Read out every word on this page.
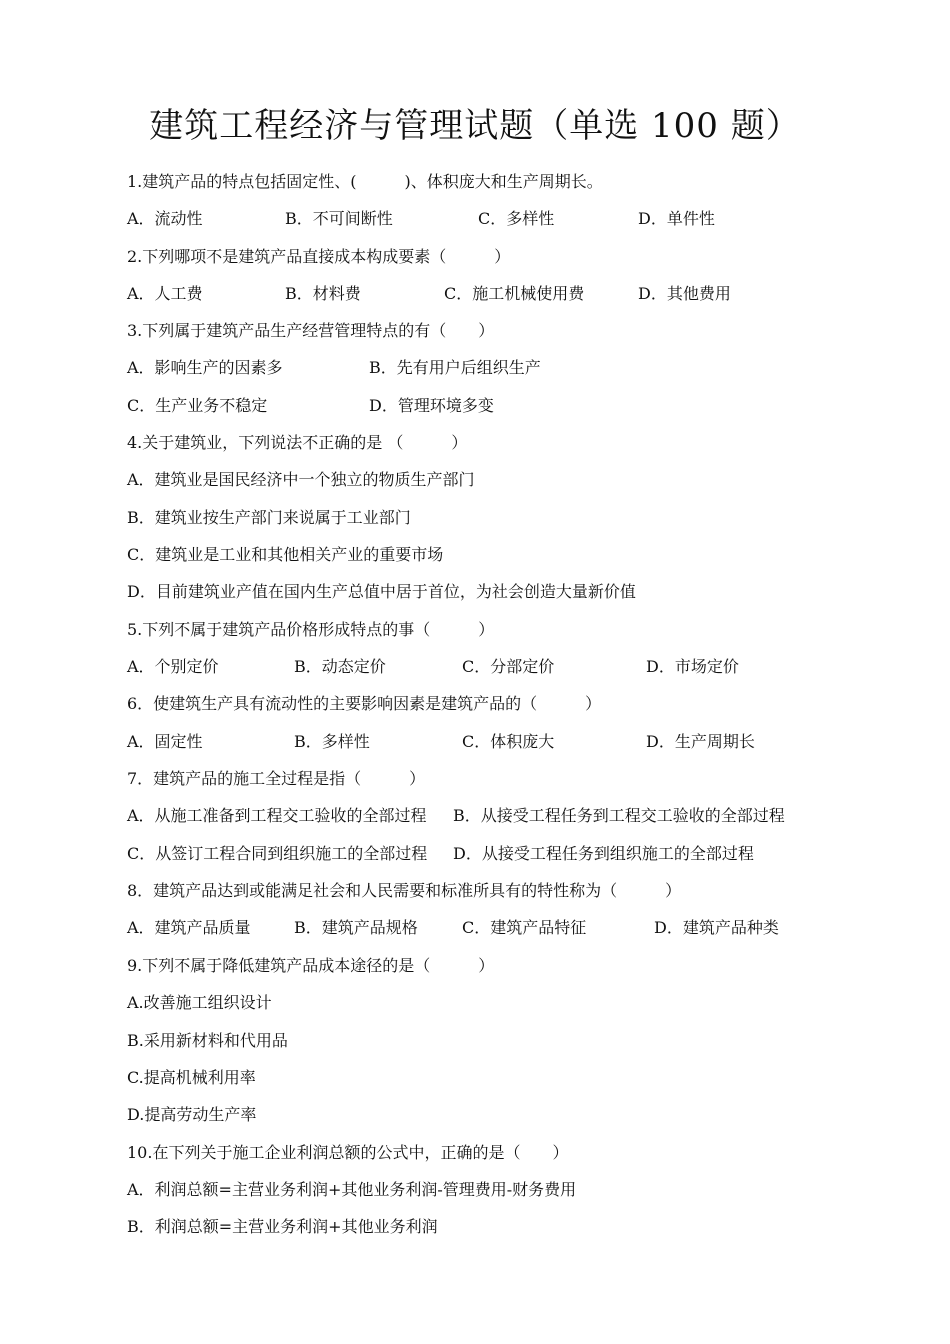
建筑工程经济与管理试题（单选 100 题）
1.建筑产品的特点包括固定性、(　　　)、体积庞大和生产周期长。
A．流动性	B．不可间断性	C．多样性	D．单件性
2.下列哪项不是建筑产品直接成本构成要素（　　　）
A．人工费	B．材料费	C．施工机械使用费	D．其他费用
3.下列属于建筑产品生产经营管理特点的有（　　）
A．影响生产的因素多	B．先有用户后组织生产
C．生产业务不稳定	D．管理环境多变
4.关于建筑业，下列说法不正确的是 （　　　）
A．建筑业是国民经济中一个独立的物质生产部门
B．建筑业按生产部门来说属于工业部门
C．建筑业是工业和其他相关产业的重要市场
D．目前建筑业产值在国内生产总值中居于首位，为社会创造大量新价值
5.下列不属于建筑产品价格形成特点的事（　　　）
A．个别定价	B．动态定价	C．分部定价	D．市场定价
6．使建筑生产具有流动性的主要影响因素是建筑产品的（　　　）
A．固定性	B．多样性	C．体积庞大	D．生产周期长
7．建筑产品的施工全过程是指（　　　）
A．从施工准备到工程交工验收的全部过程 B．从接受工程任务到工程交工验收的全部过程
C．从签订工程合同到组织施工的全部过程 D．从接受工程任务到组织施工的全部过程
8．建筑产品达到或能满足社会和人民需要和标准所具有的特性称为（　　　）
A．建筑产品质量	B．建筑产品规格	C．建筑产品特征	D．建筑产品种类
9.下列不属于降低建筑产品成本途径的是（　　　）
A.改善施工组织设计
B.采用新材料和代用品
C.提高机械利用率
D.提高劳动生产率
10.在下列关于施工企业利润总额的公式中，正确的是（　　）
A．利润总额=主营业务利润+其他业务利润-管理费用-财务费用
B．利润总额=主营业务利润+其他业务利润
